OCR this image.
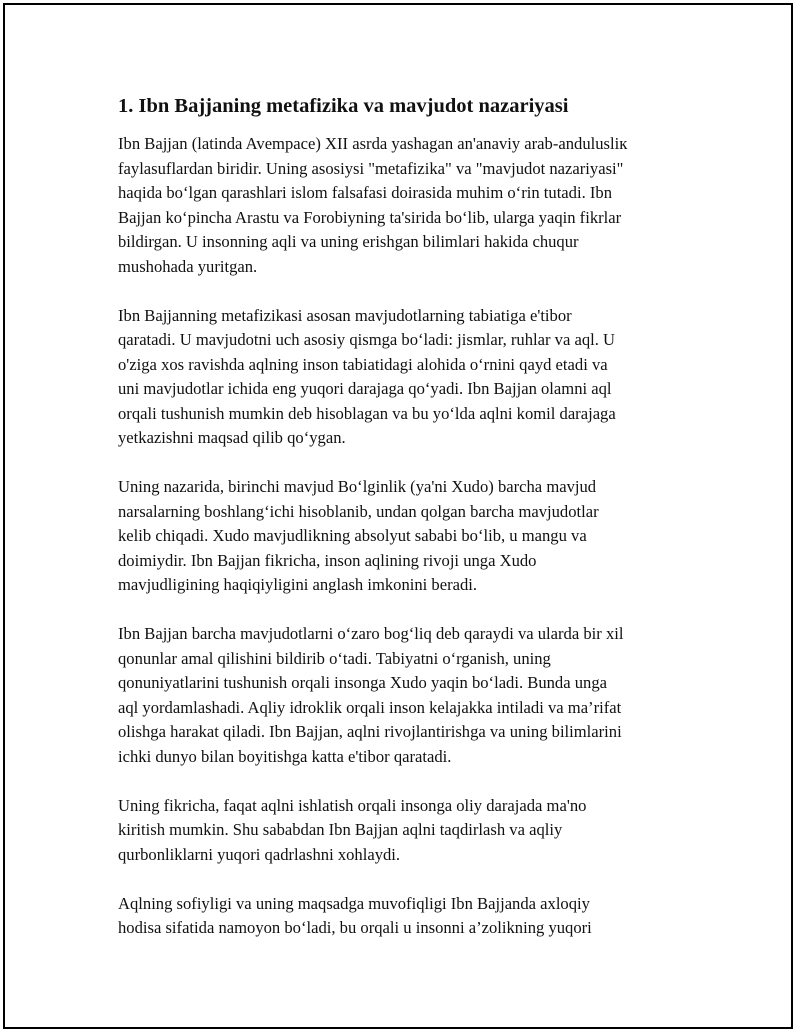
1. Ibn Bajjaning metafizika va mavjudot nazariyasi

Ibn Bajjan (latinda Avempace) XII asrda yashagan an'anaviy arab-andulusliк
faylasuflardan biridir. Uning asosiysi "metafizika" va "mavjudot nazariyasi"
haqida boʻlgan qarashlari islom falsafasi doirasida muhim oʻrin tutadi. Ibn
Bajjan koʻpincha Arastu va Forobiyning ta'sirida boʻlib, ularga yaqin fikrlar
bildirgan. U insonning aqli va uning erishgan bilimlari hakida chuqur
mushohada yuritgan.

Ibn Bajjanning metafizikasi asosan mavjudotlarning tabiatiga e'tibor
qaratadi. U mavjudotni uch asosiy qismga boʻladi: jismlar, ruhlar va aql. U
o'ziga xos ravishda aqlning inson tabiatidagi alohida oʻrnini qayd etadi va
uni mavjudotlar ichida eng yuqori darajaga qoʻyadi. Ibn Bajjan olamni aql
orqali tushunish mumkin deb hisoblagan va bu yoʻlda aqlni komil darajaga
yetkazishni maqsad qilib qoʻygan.

Uning nazarida, birinchi mavjud Boʻlginlik (ya'ni Xudo) barcha mavjud
narsalarning boshlangʻichi hisoblanib, undan qolgan barcha mavjudotlar
kelib chiqadi. Xudo mavjudlikning absolyut sababi boʻlib, u mangu va
doimiydir. Ibn Bajjan fikricha, inson aqlining rivoji unga Xudo
mavjudligining haqiqiyligini anglash imkonini beradi.

Ibn Bajjan barcha mavjudotlarni oʻzaro bogʻliq deb qaraydi va ularda bir xil
qonunlar amal qilishini bildirib oʻtadi. Tabiyatni oʻrganish, uning
qonuniyatlarini tushunish orqali insonga Xudo yaqin boʻladi. Bunda unga
aql yordamlashadi. Aqliy idroklik orqali inson kelajakka intiladi va ma’rifat
olishga harakat qiladi. Ibn Bajjan, aqlni rivojlantirishga va uning bilimlarini
ichki dunyo bilan boyitishga katta e'tibor qaratadi.

Uning fikricha, faqat aqlni ishlatish orqali insonga oliy darajada ma'no
kiritish mumkin. Shu sababdan Ibn Bajjan aqlni taqdirlash va aqliy
qurbonliklarni yuqori qadrlashni xohlaydi.

Aqlning sofiyligi va uning maqsadga muvofiqligi Ibn Bajjanda axloqiy
hodisa sifatida namoyon boʻladi, bu orqali u insonni a’zolikning yuqori
